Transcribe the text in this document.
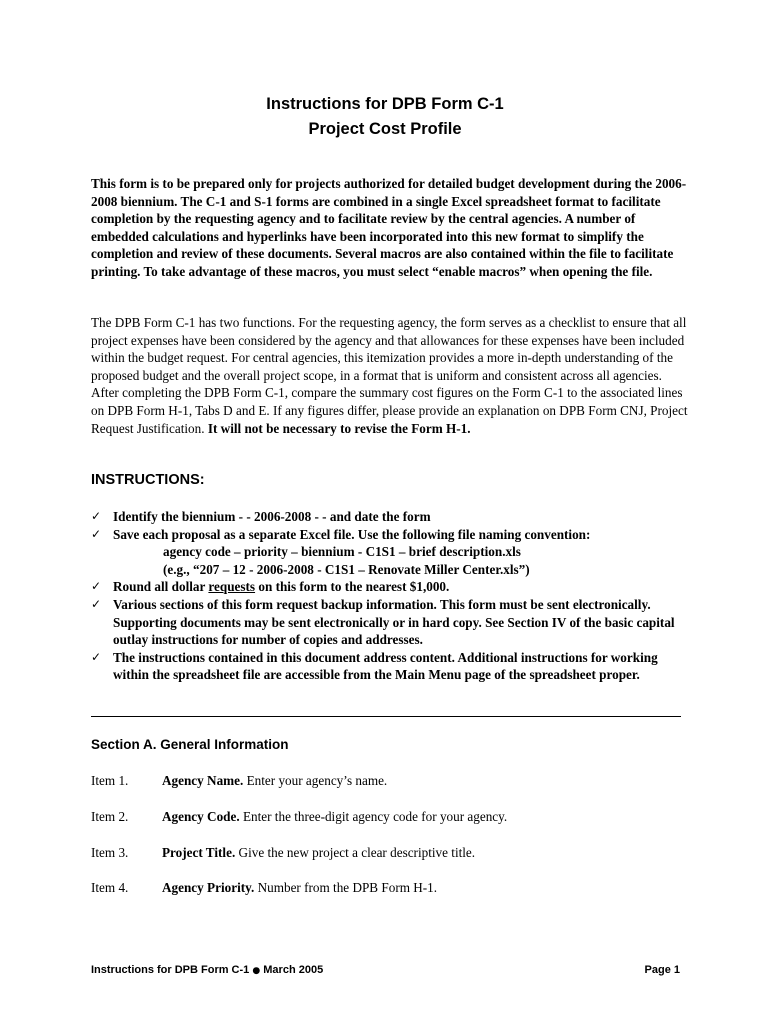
Instructions for DPB Form C-1
Project Cost Profile

This form is to be prepared only for projects authorized for detailed budget development during the 2006-2008 biennium. The C-1 and S-1 forms are combined in a single Excel spreadsheet format to facilitate completion by the requesting agency and to facilitate review by the central agencies. A number of embedded calculations and hyperlinks have been incorporated into this new format to simplify the completion and review of these documents. Several macros are also contained within the file to facilitate printing. To take advantage of these macros, you must select “enable macros” when opening the file.

The DPB Form C-1 has two functions. For the requesting agency, the form serves as a checklist to ensure that all project expenses have been considered by the agency and that allowances for these expenses have been included within the budget request. For central agencies, this itemization provides a more in-depth understanding of the proposed budget and the overall project scope, in a format that is uniform and consistent across all agencies. After completing the DPB Form C-1, compare the summary cost figures on the Form C-1 to the associated lines on DPB Form H-1, Tabs D and E. If any figures differ, please provide an explanation on DPB Form CNJ, Project Request Justification. It will not be necessary to revise the Form H-1.

INSTRUCTIONS:
✓ Identify the biennium - - 2006-2008 - - and date the form
✓ Save each proposal as a separate Excel file. Use the following file naming convention:
agency code – priority – biennium - C1S1 – brief description.xls
(e.g., “207 – 12 - 2006-2008 - C1S1 – Renovate Miller Center.xls”)
✓ Round all dollar requests on this form to the nearest $1,000.
✓ Various sections of this form request backup information. This form must be sent electronically. Supporting documents may be sent electronically or in hard copy. See Section IV of the basic capital outlay instructions for number of copies and addresses.
✓ The instructions contained in this document address content. Additional instructions for working within the spreadsheet file are accessible from the Main Menu page of the spreadsheet proper.
Section A. General Information
Item 1.	Agency Name. Enter your agency’s name.
Item 2.	Agency Code. Enter the three-digit agency code for your agency.
Item 3.	Project Title. Give the new project a clear descriptive title.
Item 4.	Agency Priority. Number from the DPB Form H-1.
Instructions for DPB Form C-1 ● March 2005	Page 1
